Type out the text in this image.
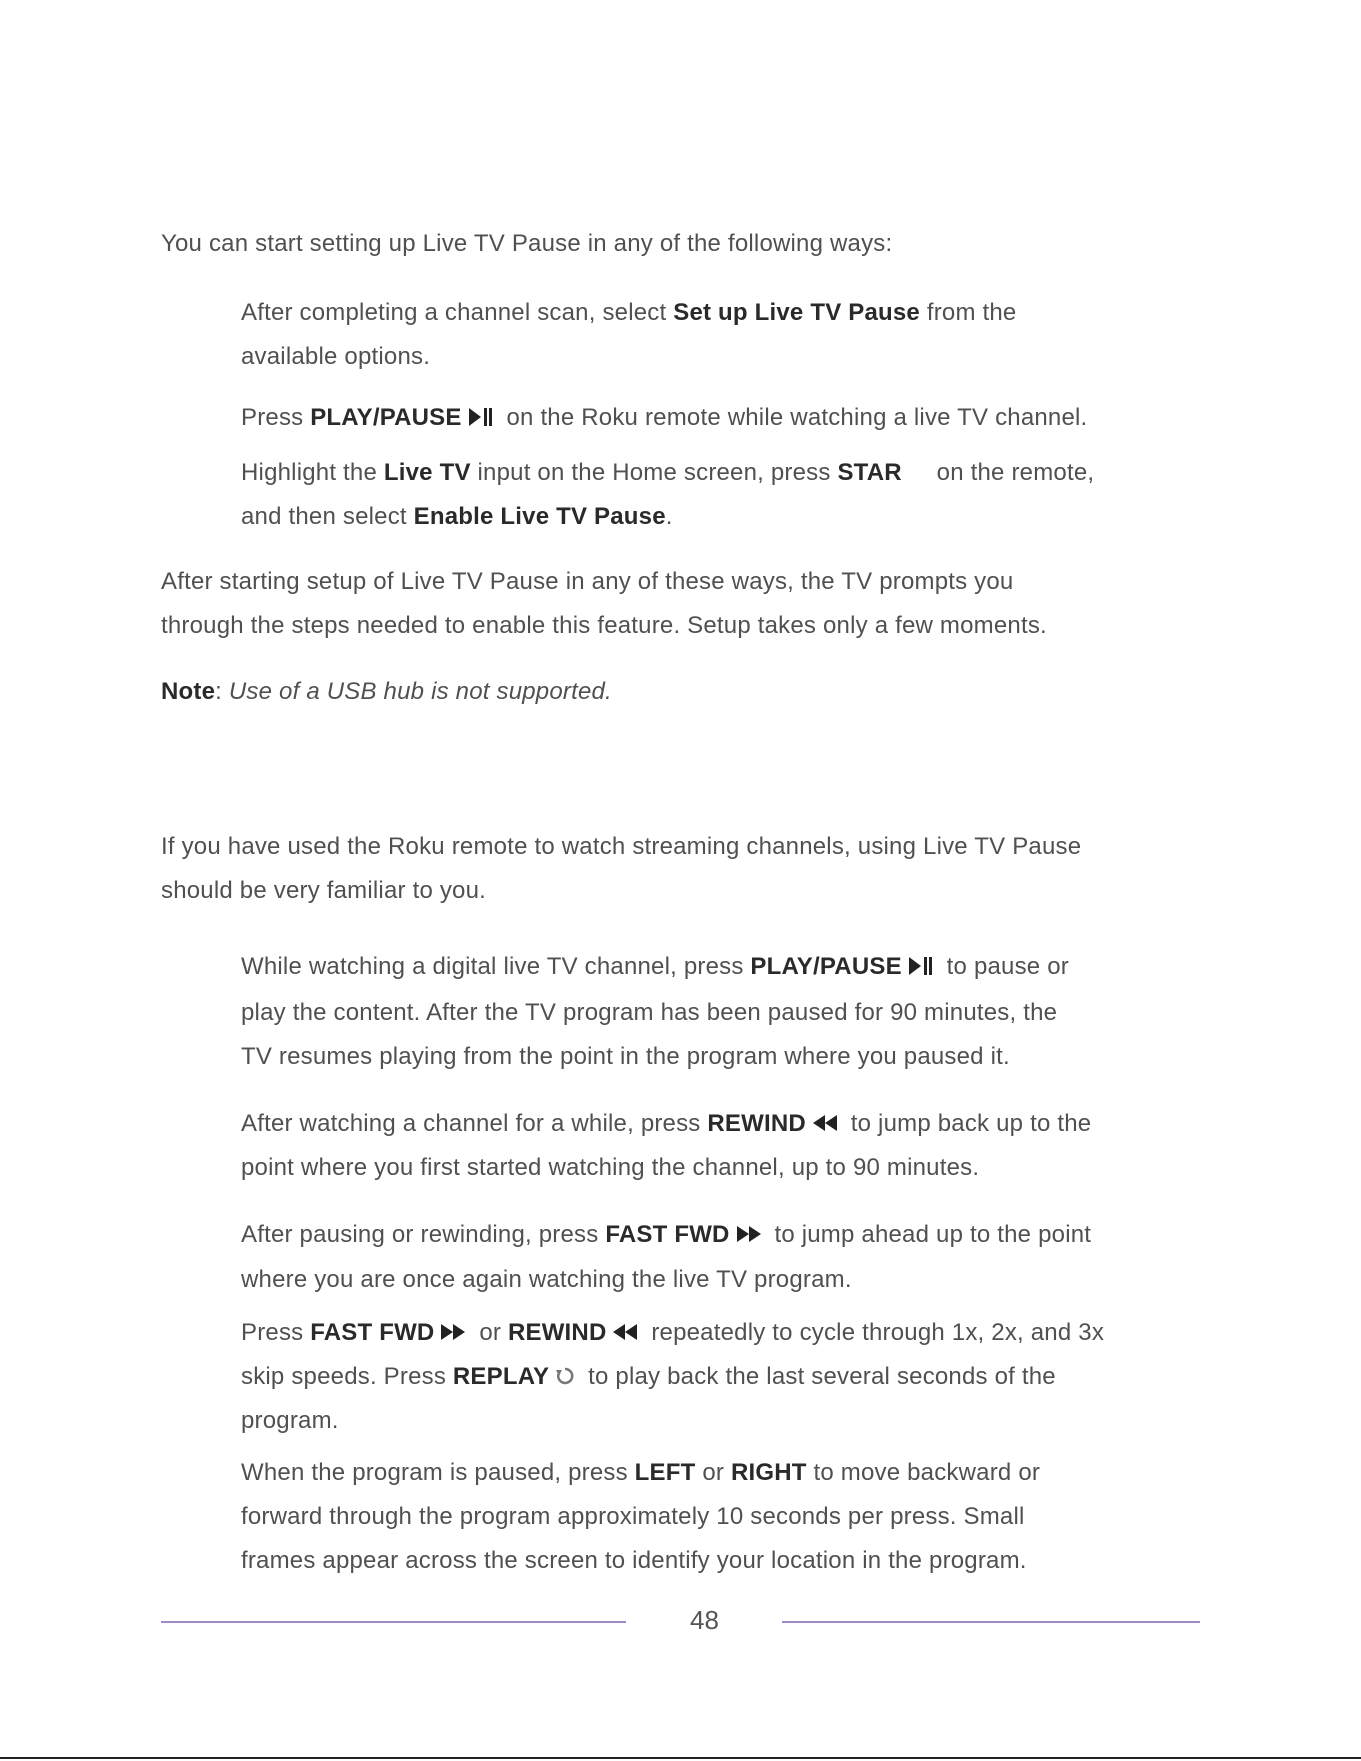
You can start setting up Live TV Pause in any of the following ways:
After completing a channel scan, select Set up Live TV Pause from the
available options.
Press PLAY/PAUSE
on the Roku remote while watching a live TV channel.
Highlight the Live TV input on the Home screen, press STAR on the remote,
and then select Enable Live TV Pause.
After starting setup of Live TV Pause in any of these ways, the TV prompts you
through the steps needed to enable this feature. Setup takes only a few moments.
Note: Use of a USB hub is not supported.
If you have used the Roku remote to watch streaming channels, using Live TV Pause
should be very familiar to you.
While watching a digital live TV channel, press PLAY/PAUSE
to pause or
play the content. After the TV program has been paused for 90 minutes, the
TV resumes playing from the point in the program where you paused it.
After watching a channel for a while, press REWIND
to jump back up to the
point where you first started watching the channel, up to 90 minutes.
After pausing or rewinding, press FAST FWD
to jump ahead up to the point
where you are once again watching the live TV program.
Press FAST FWD
or REWIND
repeatedly to cycle through 1x, 2x, and 3x
skip speeds. Press REPLAY
to play back the last several seconds of the
program.
When the program is paused, press LEFT or RIGHT to move backward or
forward through the program approximately 10 seconds per press. Small
frames appear across the screen to identify your location in the program.
48
